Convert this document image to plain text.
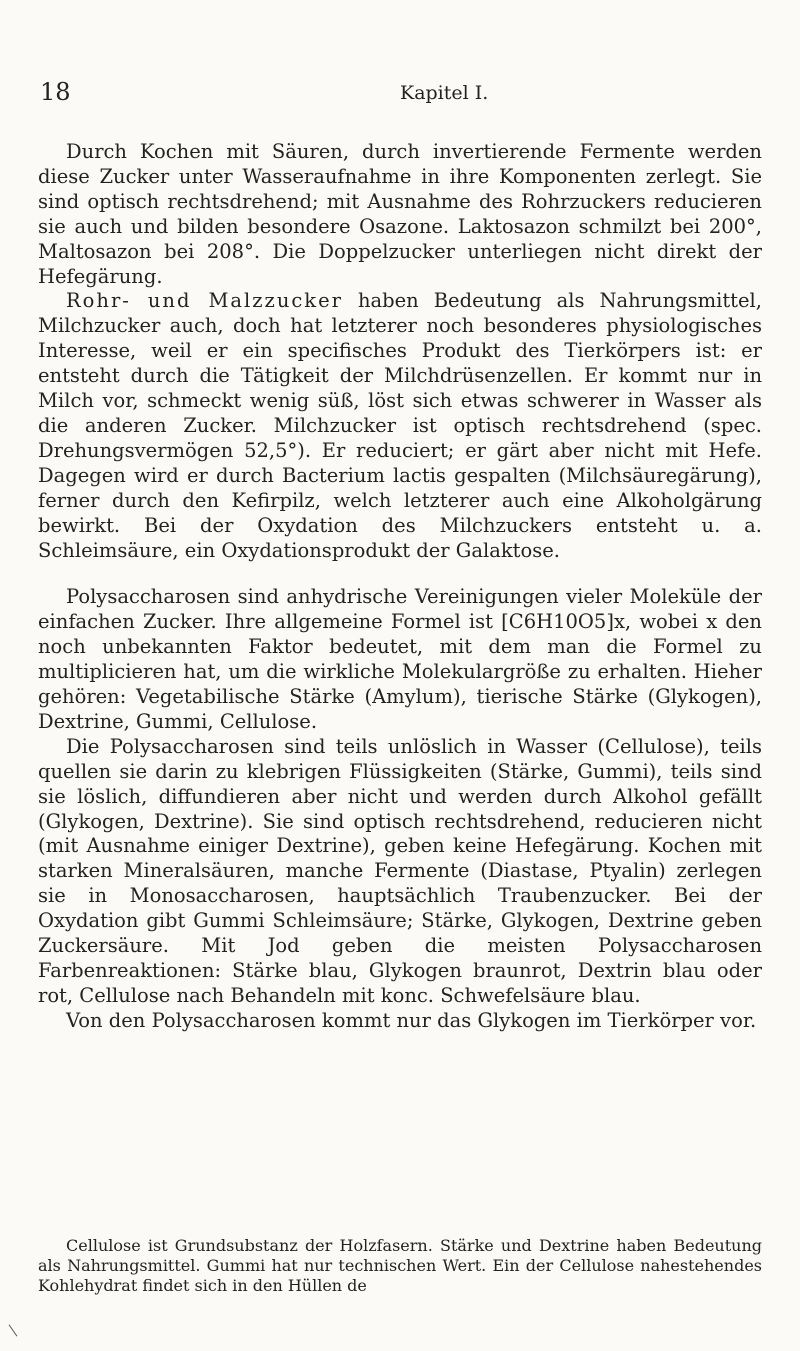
18	Kapitel I.

Durch Kochen mit Säuren, durch invertierende Fermente werden diese Zucker unter Wasseraufnahme in ihre Komponenten zerlegt. Sie sind optisch rechtsdrehend; mit Ausnahme des Rohrzuckers reducieren sie auch und bilden besondere Osazone. Laktosazon schmilzt bei 200°, Maltosazon bei 208°. Die Doppelzucker unterliegen nicht direkt der Hefegärung.

Rohr- und Malzzucker haben Bedeutung als Nahrungsmittel, Milchzucker auch, doch hat letzterer noch besonderes physiologisches Interesse, weil er ein specifisches Produkt des Tierkörpers ist: er entsteht durch die Tätigkeit der Milchdrüsenzellen. Er kommt nur in Milch vor, schmeckt wenig süß, löst sich etwas schwerer in Wasser als die anderen Zucker. Milchzucker ist optisch rechtsdrehend (spec. Drehungsvermögen 52,5°). Er reduciert; er gärt aber nicht mit Hefe. Dagegen wird er durch Bacterium lactis gespalten (Milchsäuregärung), ferner durch den Kefirpilz, welch letzterer auch eine Alkoholgärung bewirkt. Bei der Oxydation des Milchzuckers entsteht u. a. Schleimsäure, ein Oxydationsprodukt der Galaktose.

Polysaccharosen sind anhydrische Vereinigungen vieler Moleküle der einfachen Zucker. Ihre allgemeine Formel ist [C6H10O5]x, wobei x den noch unbekannten Faktor bedeutet, mit dem man die Formel zu multiplicieren hat, um die wirkliche Molekulargröße zu erhalten. Hieher gehören: Vegetabilische Stärke (Amylum), tierische Stärke (Glykogen), Dextrine, Gummi, Cellulose.

Die Polysaccharosen sind teils unlöslich in Wasser (Cellulose), teils quellen sie darin zu klebrigen Flüssigkeiten (Stärke, Gummi), teils sind sie löslich, diffundieren aber nicht und werden durch Alkohol gefällt (Glykogen, Dextrine). Sie sind optisch rechtsdrehend, reducieren nicht (mit Ausnahme einiger Dextrine), geben keine Hefegärung. Kochen mit starken Mineralsäuren, manche Fermente (Diastase, Ptyalin) zerlegen sie in Monosaccharosen, hauptsächlich Traubenzucker. Bei der Oxydation gibt Gummi Schleimsäure; Stärke, Glykogen, Dextrine geben Zuckersäure. Mit Jod geben die meisten Polysaccharosen Farbenreaktionen: Stärke blau, Glykogen braunrot, Dextrin blau oder rot, Cellulose nach Behandeln mit konc. Schwefelsäure blau.

Von den Polysaccharosen kommt nur das Glykogen im Tierkörper vor.

Cellulose ist Grundsubstanz der Holzfasern. Stärke und Dextrine haben Bedeutung als Nahrungsmittel. Gummi hat nur technischen Wert. Ein der Cellulose nahestehendes Kohlehydrat findet sich in den Hüllen de
